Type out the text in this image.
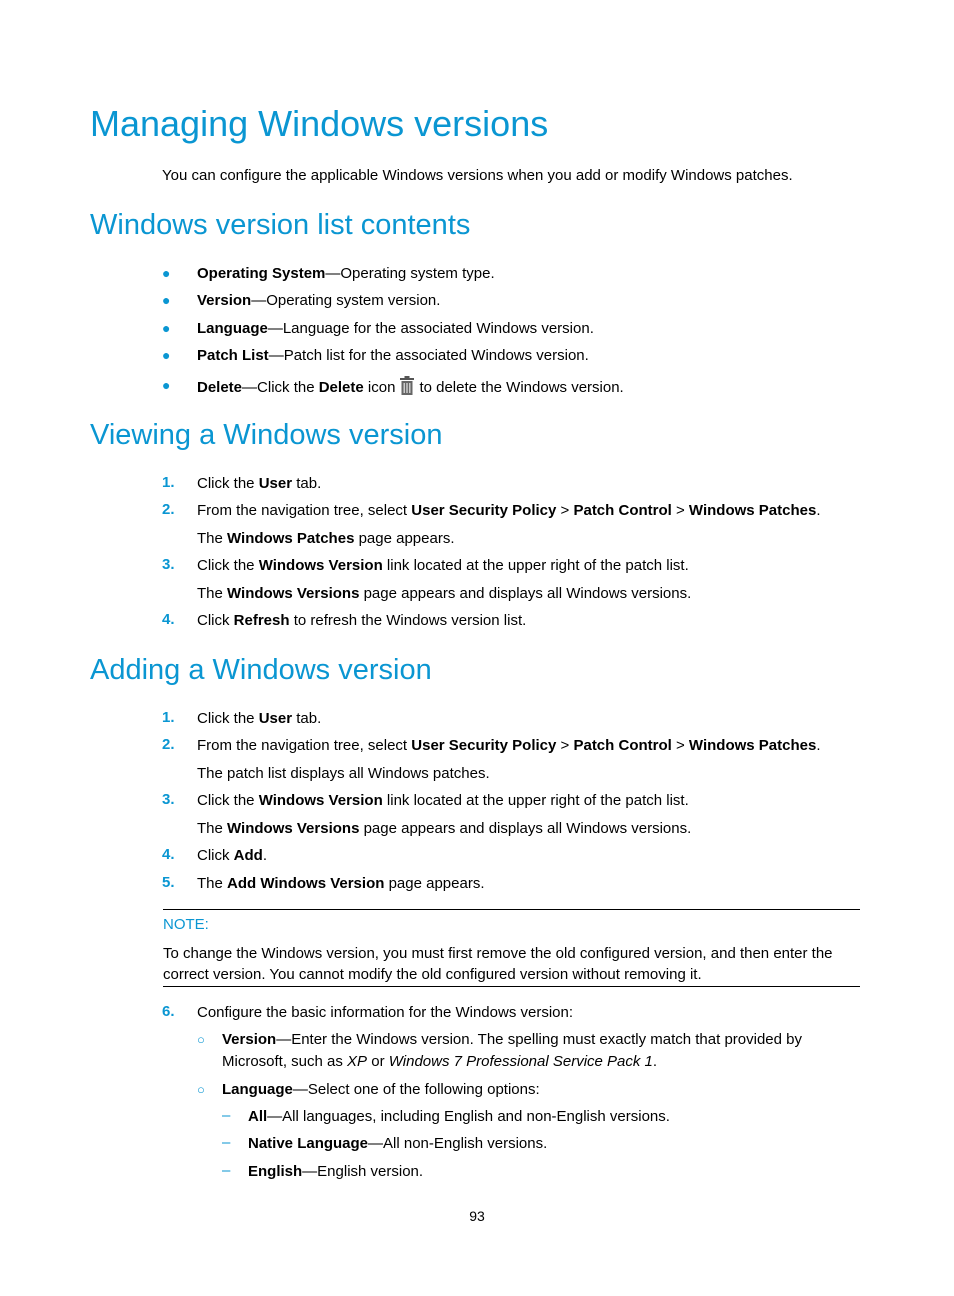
Managing Windows versions
You can configure the applicable Windows versions when you add or modify Windows patches.
Windows version list contents
● Operating System—Operating system type.
● Version—Operating system version.
● Language—Language for the associated Windows version.
● Patch List—Patch list for the associated Windows version.
● Delete—Click the Delete icon to delete the Windows version.
Viewing a Windows version
1. Click the User tab.
2. From the navigation tree, select User Security Policy > Patch Control > Windows Patches.
The Windows Patches page appears.
3. Click the Windows Version link located at the upper right of the patch list.
The Windows Versions page appears and displays all Windows versions.
4. Click Refresh to refresh the Windows version list.
Adding a Windows version
1. Click the User tab.
2. From the navigation tree, select User Security Policy > Patch Control > Windows Patches.
The patch list displays all Windows patches.
3. Click the Windows Version link located at the upper right of the patch list.
The Windows Versions page appears and displays all Windows versions.
4. Click Add.
5. The Add Windows Version page appears.
NOTE:
To change the Windows version, you must first remove the old configured version, and then enter the
correct version. You cannot modify the old configured version without removing it.
6. Configure the basic information for the Windows version:
○ Version—Enter the Windows version. The spelling must exactly match that provided by
Microsoft, such as XP or Windows 7 Professional Service Pack 1.
○ Language—Select one of the following options:
– All—All languages, including English and non-English versions.
– Native Language—All non-English versions.
– English—English version.
93
